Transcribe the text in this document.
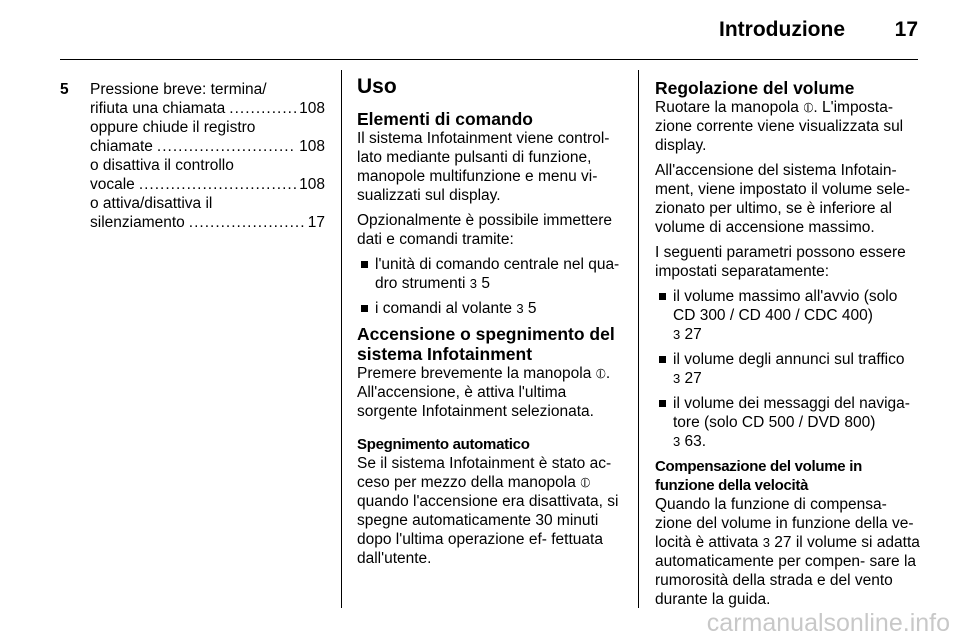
Introduzione 17
5 Pressione breve: termina/
rifiuta una chiamata .....	108
oppure chiude il registro
chiamate .....	108
o disattiva il controllo
vocale .....	108
o attiva/disattiva il
silenziamento .....	17
Uso
Elementi di comando

Il sistema Infotainment viene control- lato mediante pulsanti di funzione, manopole multifunzione e menu vi- sualizzati sul display.

Opzionalmente è possibile immettere dati e comandi tramite:

l'unità di comando centrale nel qua- dro strumenti 3 5
i comandi al volante 3 5
Accensione o spegnimento del sistema Infotainment

Premere brevemente la manopola ⦶. All'accensione, è attiva l'ultima sorgente Infotainment selezionata.

Spegnimento automatico

Se il sistema Infotainment è stato ac- ceso per mezzo della manopola ⦶ quando l'accensione era disattivata, si spegne automaticamente 30 minuti dopo l'ultima operazione ef- fettuata dall'utente.

Regolazione del volume

Ruotare la manopola ⦶. L'imposta- zione corrente viene visualizzata sul display.

All'accensione del sistema Infotain- ment, viene impostato il volume sele- zionato per ultimo, se è inferiore al volume di accensione massimo.

I seguenti parametri possono essere impostati separatamente:

il volume massimo all'avvio (solo CD 300 / CD 400 / CDC 400)
3 27
il volume degli annunci sul traffico
3 27
il volume dei messaggi del naviga- tore (solo CD 500 / DVD 800)
3 63.
Compensazione del volume in funzione della velocità

Quando la funzione di compensa- zione del volume in funzione della ve- locità è attivata 3 27 il volume si adatta automaticamente per compen- sare la rumorosità della strada e del vento durante la guida.

carmanualsonline.info
